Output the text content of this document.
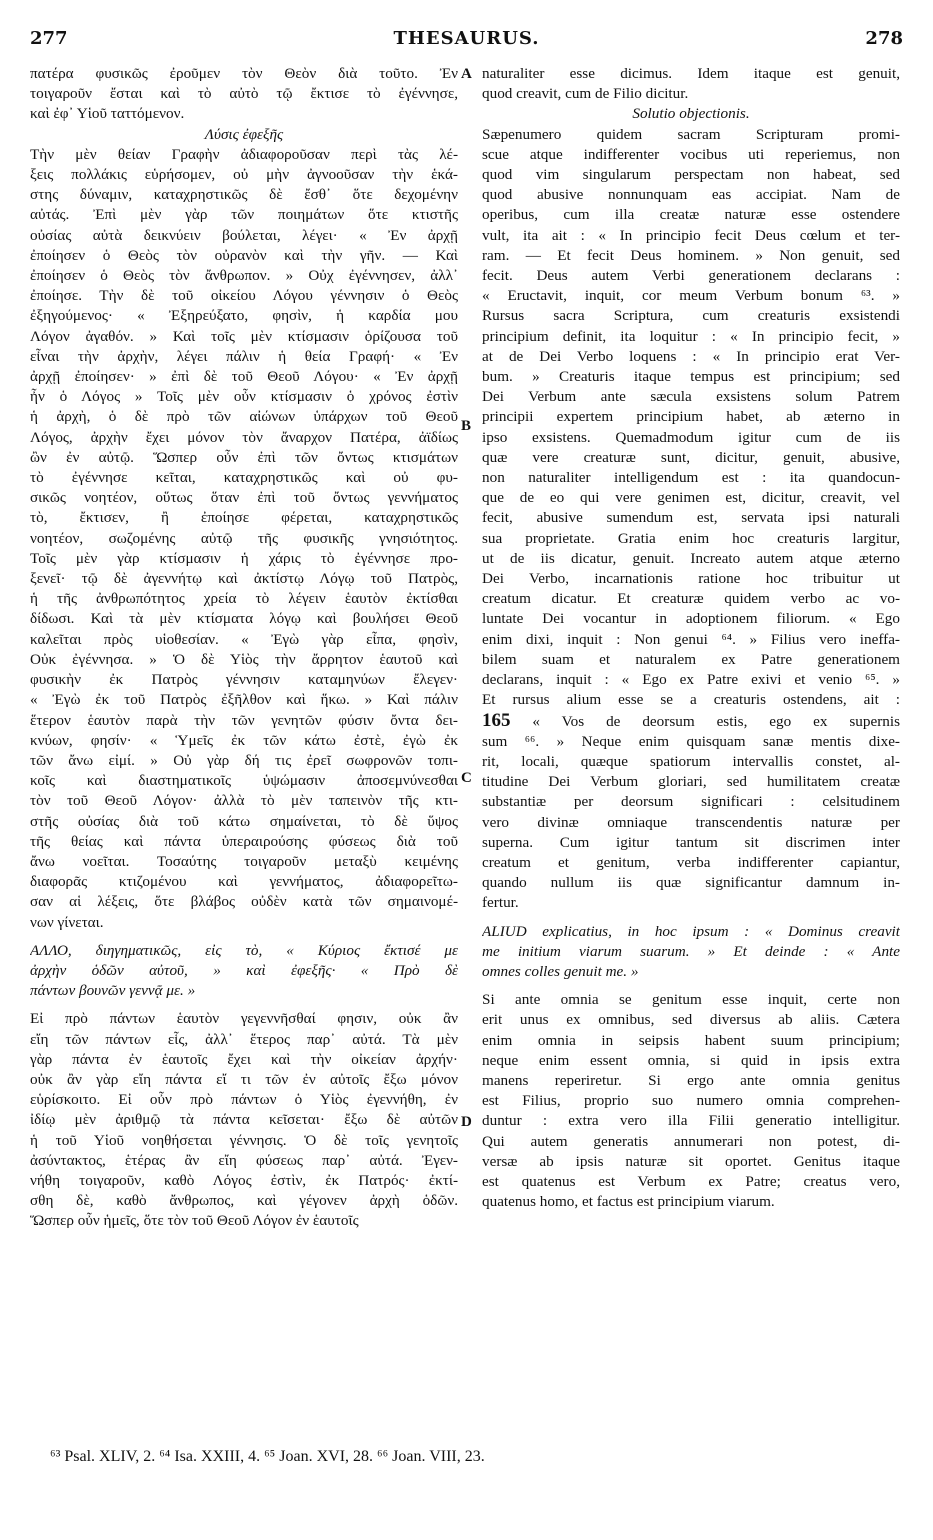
277	THESAURUS.	278
πατέρα φυσικῶς ἐροῦμεν τὸν Θεὸν διὰ τοῦτο. Ἐν
τοιγαροῦν ἔσται καὶ τὸ αὐτὸ τῷ ἔκτισε τὸ ἐγέννησε,
καὶ ἐφ᾽ Υἱοῦ ταττόμενον.
Λύσις ἐφεξῆς
Τὴν μὲν θείαν Γραφὴν ἀδιαφοροῦσαν περὶ τὰς λέ-
ξεις πολλάκις εὑρήσομεν, οὐ μὴν ἀγνοοῦσαν τὴν ἑκά-
στης δύναμιν, καταχρηστικῶς δὲ ἔσθ᾽ ὅτε δεχομένην
αὐτάς. Ἐπὶ μὲν γὰρ τῶν ποιημάτων ὅτε κτιστῆς
οὐσίας αὐτὰ δεικνύειν βούλεται, λέγει· « Ἐν ἀρχῇ
ἐποίησεν ὁ Θεὸς τὸν οὐρανὸν καὶ τὴν γῆν. — Καὶ
ἐποίησεν ὁ Θεὸς τὸν ἄνθρωπον. » Οὐχ ἐγέννησεν, ἀλλ᾽
ἐποίησε. Τὴν δὲ τοῦ οἰκείου Λόγου γέννησιν ὁ Θεὸς
ἐξηγούμενος· « Ἐξηρεύξατο, φησὶν, ἡ καρδία μου
Λόγον ἀγαθόν. » Καὶ τοῖς μὲν κτίσμασιν ὁρίζουσα τοῦ
εἶναι τὴν ἀρχὴν, λέγει πάλιν ἡ θεία Γραφή· « Ἐν
ἀρχῇ ἐποίησεν· » ἐπὶ δὲ τοῦ Θεοῦ Λόγου· « Ἐν ἀρχῇ
ἦν ὁ Λόγος » Τοῖς μὲν οὖν κτίσμασιν ὁ χρόνος ἐστὶν
ἡ ἀρχὴ, ὁ δὲ πρὸ τῶν αἰώνων ὑπάρχων τοῦ Θεοῦ
Λόγος, ἀρχὴν ἔχει μόνον τὸν ἄναρχον Πατέρα, ἀϊδίως
ὢν ἐν αὐτῷ. Ὥσπερ οὖν ἐπὶ τῶν ὄντως κτισμάτων
τὸ ἐγέννησε κεῖται, καταχρηστικῶς καὶ οὐ φυ-
σικῶς νοητέον, οὕτως ὅταν ἐπὶ τοῦ ὄντως γεννήματος
τὸ, ἔκτισεν, ἢ ἐποίησε φέρεται, καταχρηστικῶς
νοητέον, σωζομένης αὐτῷ τῆς φυσικῆς γνησιότητος.
Τοῖς μὲν γὰρ κτίσμασιν ἡ χάρις τὸ ἐγέννησε προ-
ξενεῖ· τῷ δὲ ἀγεννήτῳ καὶ ἀκτίστῳ Λόγῳ τοῦ Πατρὸς,
ἡ τῆς ἀνθρωπότητος χρεία τὸ λέγειν ἑαυτὸν ἐκτίσθαι
δίδωσι. Καὶ τὰ μὲν κτίσματα λόγῳ καὶ βουλήσει Θεοῦ
καλεῖται πρὸς υἱοθεσίαν. « Ἐγὼ γὰρ εἶπα, φησὶν,
Οὐκ ἐγέννησα. » Ὁ δὲ Υἱὸς τὴν ἄρρητον ἑαυτοῦ καὶ
φυσικὴν ἐκ Πατρὸς γέννησιν καταμηνύων ἔλεγεν·
« Ἐγὼ ἐκ τοῦ Πατρὸς ἐξῆλθον καὶ ἥκω. » Καὶ πάλιν
ἕτερον ἑαυτὸν παρὰ τὴν τῶν γενητῶν φύσιν ὄντα δει-
κνύων, φησίν· « Ὑμεῖς ἐκ τῶν κάτω ἐστὲ, ἐγὼ ἐκ
τῶν ἄνω εἰμί. » Οὐ γὰρ δή τις ἐρεῖ σωφρονῶν τοπι-
κοῖς καὶ διαστηματικοῖς ὑψώμασιν ἀποσεμνύνεσθαι
τὸν τοῦ Θεοῦ Λόγον· ἀλλὰ τὸ μὲν ταπεινὸν τῆς κτι-
στῆς οὐσίας διὰ τοῦ κάτω σημαίνεται, τὸ δὲ ὕψος
τῆς θείας καὶ πάντα ὑπεραιρούσης φύσεως διὰ τοῦ
ἄνω νοεῖται. Τοσαύτης τοιγαροῦν μεταξὺ κειμένης
διαφορᾶς κτιζομένου καὶ γεννήματος, ἀδιαφορεῖτω-
σαν αἱ λέξεις, ὅτε βλάβος οὐδὲν κατὰ τῶν σημαινομέ-
νων γίνεται.
ΑΛΛΟ, διηγηματικῶς, εἰς τὸ, « Κύριος ἔκτισέ με
ἀρχὴν ὁδῶν αὐτοῦ, » καὶ ἐφεξῆς· « Πρὸ δὲ
πάντων βουνῶν γεννᾷ με. »
Εἰ πρὸ πάντων ἑαυτὸν γεγεννῆσθαί φησιν, οὐκ ἂν
εἴη τῶν πάντων εἷς, ἀλλ᾽ ἕτερος παρ᾽ αὐτά. Τὰ μὲν
γὰρ πάντα ἐν ἑαυτοῖς ἔχει καὶ τὴν οἰκείαν ἀρχήν·
οὐκ ἂν γὰρ εἴη πάντα εἴ τι τῶν ἐν αὐτοῖς ἔξω μόνον
εὑρίσκοιτο. Εἰ οὖν πρὸ πάντων ὁ Υἱὸς ἐγεννήθη, ἐν
ἰδίῳ μὲν ἀριθμῷ τὰ πάντα κεῖσεται· ἔξω δὲ αὐτῶν
ἡ τοῦ Υἱοῦ νοηθήσεται γέννησις. Ὁ δὲ τοῖς γενητοῖς
ἀσύντακτος, ἑτέρας ἂν εἴη φύσεως παρ᾽ αὐτά. Ἐγεν-
νήθη τοιγαροῦν, καθὸ Λόγος ἐστὶν, ἐκ Πατρός· ἐκτί-
σθη δὲ, καθὸ ἄνθρωπος, καὶ γέγονεν ἀρχὴ ὁδῶν.
Ὥσπερ οὖν ἡμεῖς, ὅτε τὸν τοῦ Θεοῦ Λόγον ἐν ἑαυτοῖς
naturaliter esse dicimus. Idem itaque est genuit,
quod creavit, cum de Filio dicitur.
Solutio objectionis.
Sæpenumero quidem sacram Scripturam promi-
scue atque indifferenter vocibus uti reperiemus, non
quod vim singularum perspectam non habeat, sed
quod abusive nonnunquam eas accipiat. Nam de
operibus, cum illa creatæ naturæ esse ostendere
vult, ita ait : « In principio fecit Deus cœlum et ter-
ram. — Et fecit Deus hominem. » Non genuit, sed
fecit. Deus autem Verbi generationem declarans :
« Eructavit, inquit, cor meum Verbum bonum ⁶³. »
Rursus sacra Scriptura, cum creaturis exsistendi
principium definit, ita loquitur : « In principio fecit, »
at de Dei Verbo loquens : « In principio erat Ver-
bum. » Creaturis itaque tempus est principium; sed
Dei Verbum ante sæcula exsistens solum Patrem
principii expertem principium habet, ab æterno in
ipso exsistens. Quemadmodum igitur cum de iis
quæ vere creaturæ sunt, dicitur, genuit, abusive,
non naturaliter intelligendum est : ita quandocun-
que de eo qui vere genimen est, dicitur, creavit, vel
fecit, abusive sumendum est, servata ipsi naturali
sua proprietate. Gratia enim hoc creaturis largitur,
ut de iis dicatur, genuit. Increato autem atque æterno
Dei Verbo, incarnationis ratione hoc tribuitur ut
creatum dicatur. Et creaturæ quidem verbo ac vo-
luntate Dei vocantur in adoptionem filiorum. « Ego
enim dixi, inquit : Non genui ⁶⁴. » Filius vero ineffa-
bilem suam et naturalem ex Patre generationem
declarans, inquit : « Ego ex Patre exivi et venio ⁶⁵. »
Et rursus alium esse se a creaturis ostendens, ait :
165 « Vos de deorsum estis, ego ex supernis
sum ⁶⁶. » Neque enim quisquam sanæ mentis dixe-
rit, locali, quæque spatiorum intervallis constet, al-
titudine Dei Verbum gloriari, sed humilitatem creatæ
substantiæ per deorsum significari : celsitudinem
vero divinæ omniaque transcendentis naturæ per
superna. Cum igitur tantum sit discrimen inter
creatum et genitum, verba indifferenter capiantur,
quando nullum iis quæ significantur damnum in-
fertur.
ALIUD explicatius, in hoc ipsum : « Dominus creavit
me initium viarum suarum. » Et deinde : « Ante
omnes colles genuit me. »
Si ante omnia se genitum esse inquit, certe non
erit unus ex omnibus, sed diversus ab aliis. Cætera
enim omnia in seipsis habent suum principium;
neque enim essent omnia, si quid in ipsis extra
manens reperiretur. Si ergo ante omnia genitus
est Filius, proprio suo numero omnia comprehen-
duntur : extra vero illa Filii generatio intelligitur.
Qui autem generatis annumerari non potest, di-
versæ ab ipsis naturæ sit oportet. Genitus itaque
est quatenus est Verbum ex Patre; creatus vero,
quatenus homo, et factus est principium viarum.
A
B
C
D
⁶³ Psal. XLIV, 2. ⁶⁴ Isa. XXIII, 4. ⁶⁵ Joan. XVI, 28. ⁶⁶ Joan. VIII, 23.
